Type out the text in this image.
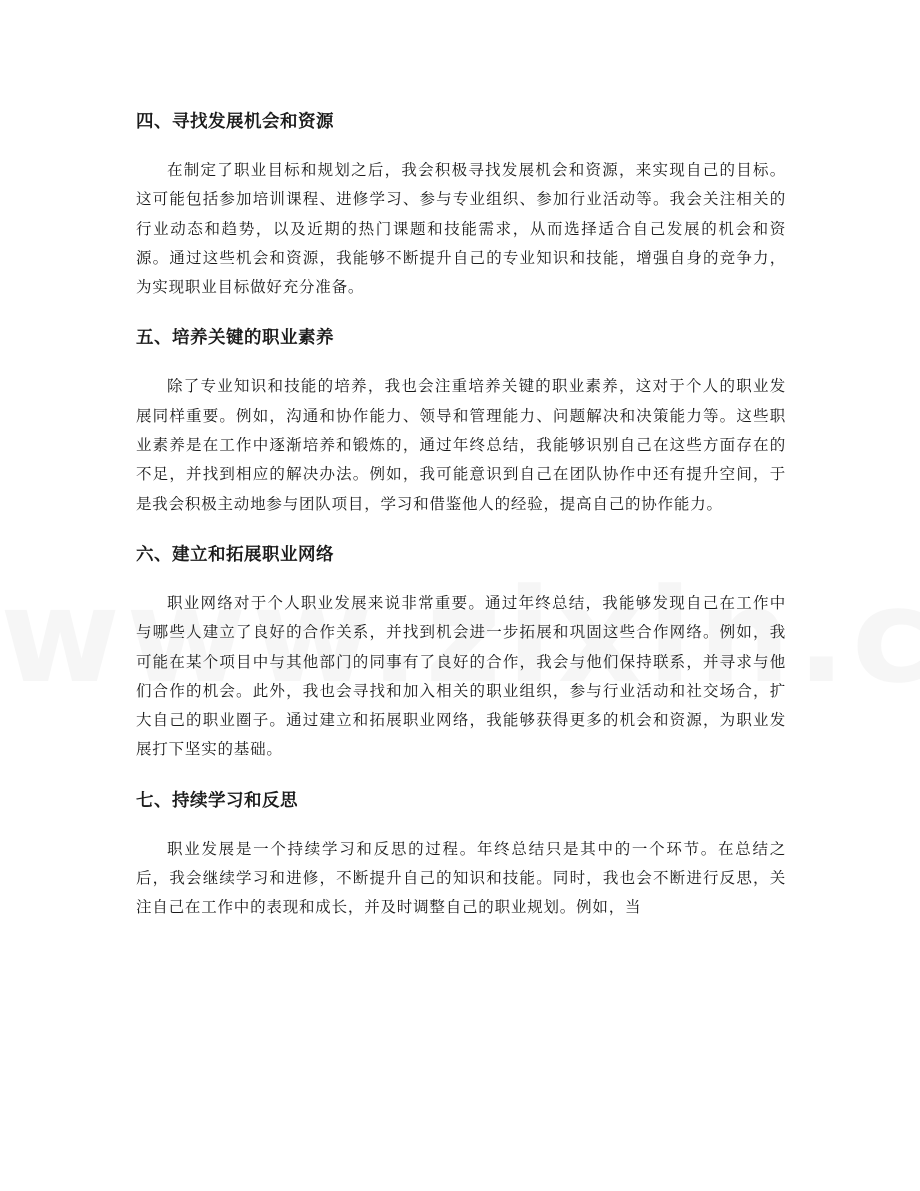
四、寻找发展机会和资源

在制定了职业目标和规划之后，我会积极寻找发展机会和资源，来实现自己的目标。这可能包括参加培训课程、进修学习、参与专业组织、参加行业活动等。我会关注相关的行业动态和趋势，以及近期的热门课题和技能需求，从而选择适合自己发展的机会和资源。通过这些机会和资源，我能够不断提升自己的专业知识和技能，增强自身的竞争力，为实现职业目标做好充分准备。

五、培养关键的职业素养

除了专业知识和技能的培养，我也会注重培养关键的职业素养，这对于个人的职业发展同样重要。例如，沟通和协作能力、领导和管理能力、问题解决和决策能力等。这些职业素养是在工作中逐渐培养和锻炼的，通过年终总结，我能够识别自己在这些方面存在的不足，并找到相应的解决办法。例如，我可能意识到自己在团队协作中还有提升空间，于是我会积极主动地参与团队项目，学习和借鉴他人的经验，提高自己的协作能力。

六、建立和拓展职业网络

职业网络对于个人职业发展来说非常重要。通过年终总结，我能够发现自己在工作中与哪些人建立了良好的合作关系，并找到机会进一步拓展和巩固这些合作网络。例如，我可能在某个项目中与其他部门的同事有了良好的合作，我会与他们保持联系，并寻求与他们合作的机会。此外，我也会寻找和加入相关的职业组织，参与行业活动和社交场合，扩大自己的职业圈子。通过建立和拓展职业网络，我能够获得更多的机会和资源，为职业发展打下坚实的基础。

七、持续学习和反思

职业发展是一个持续学习和反思的过程。年终总结只是其中的一个环节。在总结之后，我会继续学习和进修，不断提升自己的知识和技能。同时，我也会不断进行反思，关注自己在工作中的表现和成长，并及时调整自己的职业规划。例如，当
